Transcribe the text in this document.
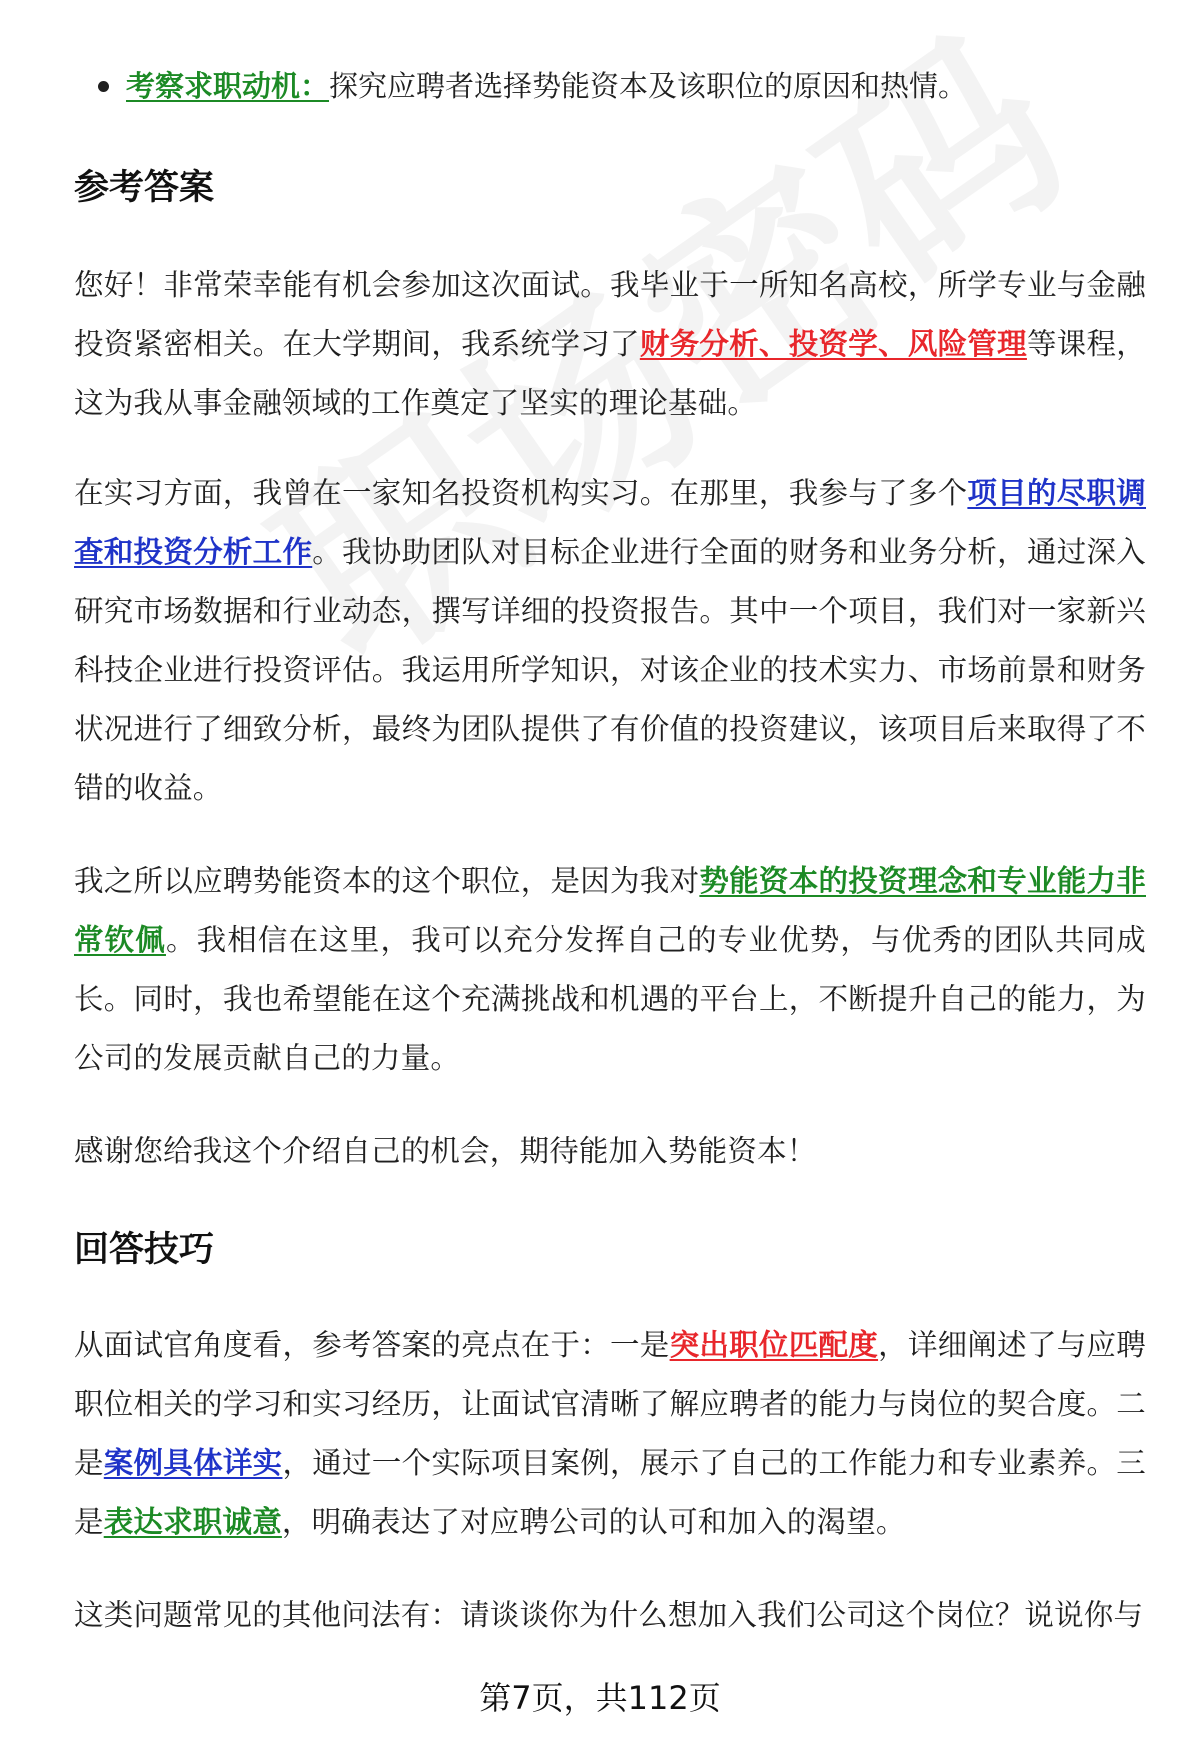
考察求职动机：探究应聘者选择势能资本及该职位的原因和热情。
参考答案

您好！非常荣幸能有机会参加这次面试。我毕业于一所知名高校，所学专业与金融投资紧密相关。在大学期间，我系统学习了财务分析、投资学、风险管理等课程，这为我从事金融领域的工作奠定了坚实的理论基础。

在实习方面，我曾在一家知名投资机构实习。在那里，我参与了多个项目的尽职调查和投资分析工作。我协助团队对目标企业进行全面的财务和业务分析，通过深入研究市场数据和行业动态，撰写详细的投资报告。其中一个项目，我们对一家新兴科技企业进行投资评估。我运用所学知识，对该企业的技术实力、市场前景和财务状况进行了细致分析，最终为团队提供了有价值的投资建议，该项目后来取得了不错的收益。

我之所以应聘势能资本的这个职位，是因为我对势能资本的投资理念和专业能力非常钦佩。我相信在这里，我可以充分发挥自己的专业优势，与优秀的团队共同成长。同时，我也希望能在这个充满挑战和机遇的平台上，不断提升自己的能力，为公司的发展贡献自己的力量。

感谢您给我这个介绍自己的机会，期待能加入势能资本！

回答技巧

从面试官角度看，参考答案的亮点在于：一是突出职位匹配度，详细阐述了与应聘职位相关的学习和实习经历，让面试官清晰了解应聘者的能力与岗位的契合度。二是案例具体详实，通过一个实际项目案例，展示了自己的工作能力和专业素养。三是表达求职诚意，明确表达了对应聘公司的认可和加入的渴望。

这类问题常见的其他问法有：请谈谈你为什么想加入我们公司这个岗位？说说你与

第7页，共112页
